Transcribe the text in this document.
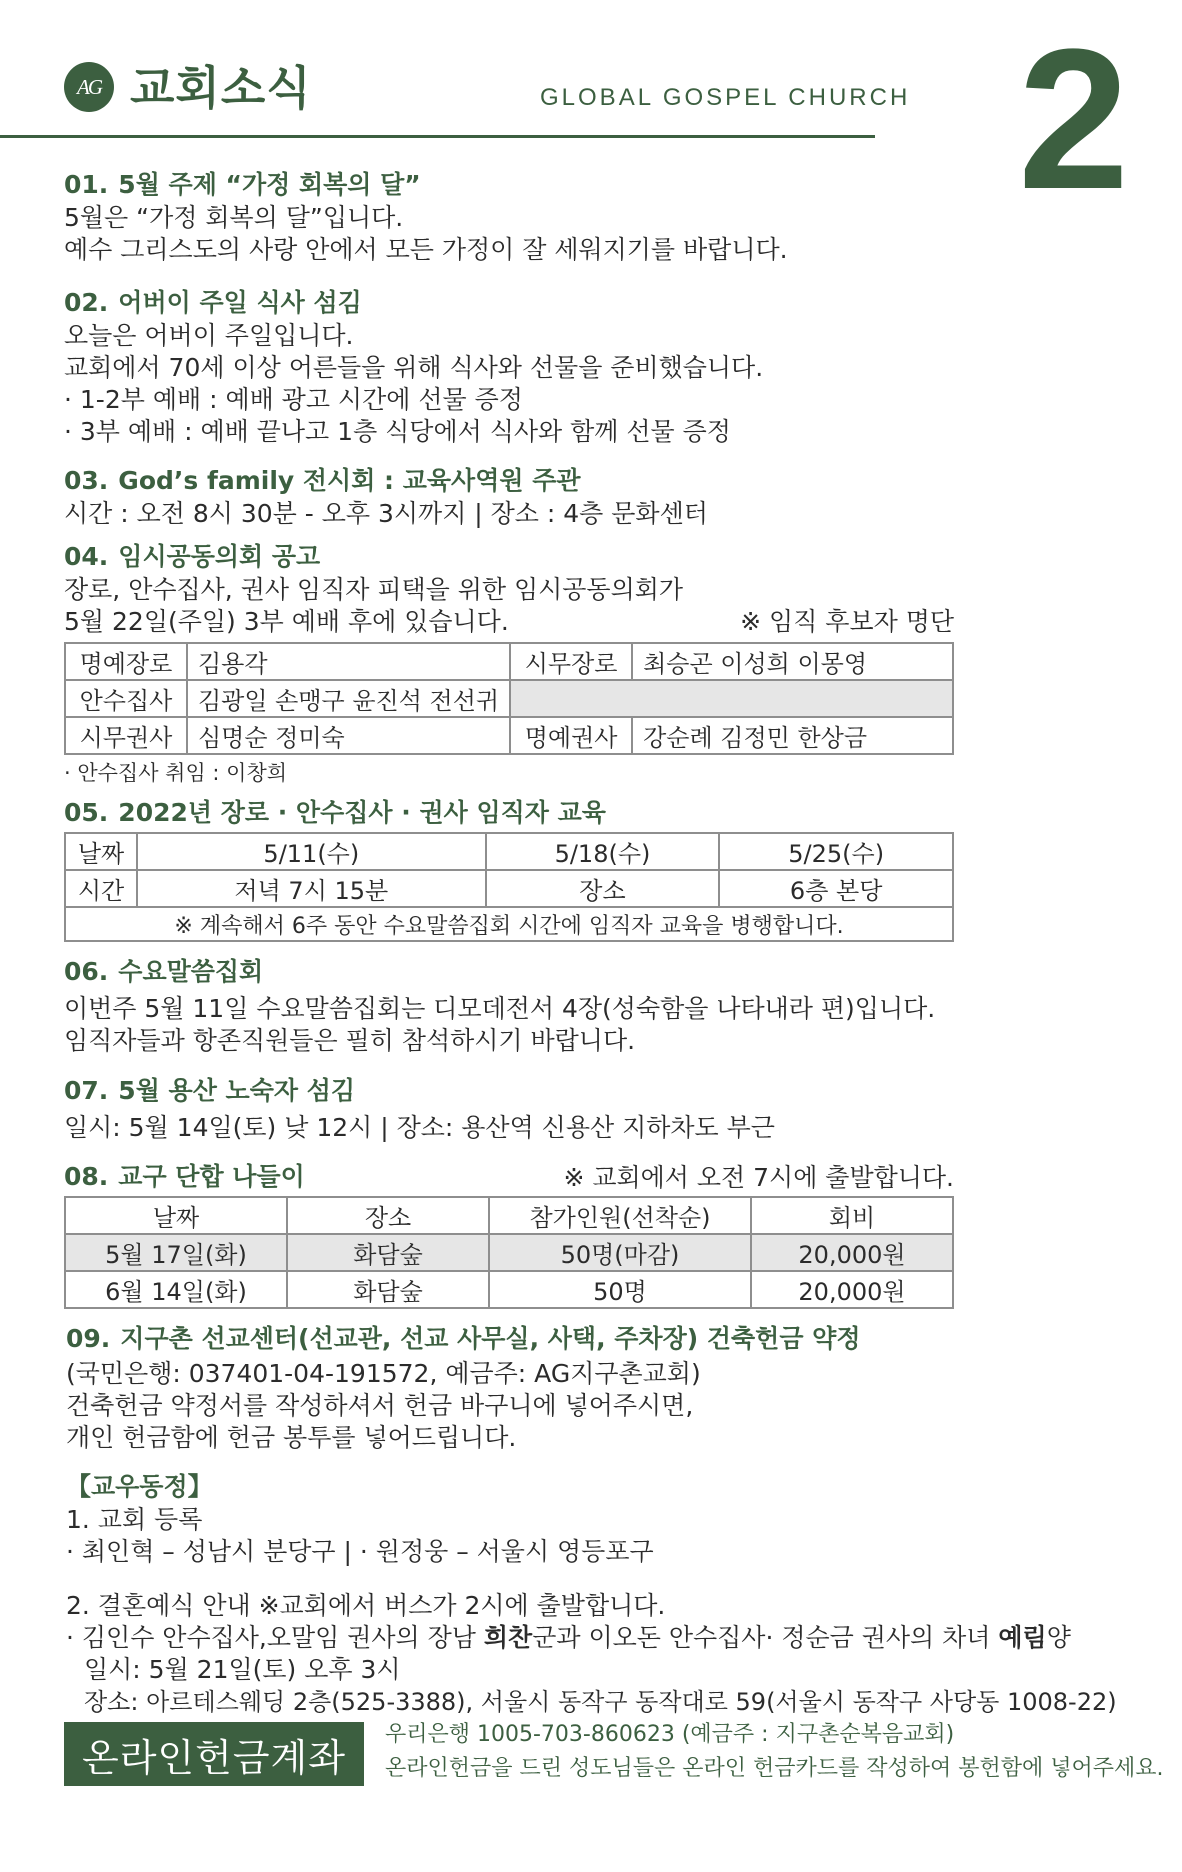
AG 교회소식	GLOBAL GOSPEL CHURCH 2
01. 5월 주제 “가정 회복의 달”
5월은 “가정 회복의 달”입니다.
예수 그리스도의 사랑 안에서 모든 가정이 잘 세워지기를 바랍니다.
02. 어버이 주일 식사 섬김
오늘은 어버이 주일입니다.
교회에서 70세 이상 어른들을 위해 식사와 선물을 준비했습니다.
· 1-2부 예배 : 예배 광고 시간에 선물 증정
· 3부 예배 : 예배 끝나고 1층 식당에서 식사와 함께 선물 증정
03. God’s family 전시회 : 교육사역원 주관
시간 : 오전 8시 30분 - 오후 3시까지 | 장소 : 4층 문화센터
04. 임시공동의회 공고
장로, 안수집사, 권사 임직자 피택을 위한 임시공동의회가
5월 22일(주일) 3부 예배 후에 있습니다.	※ 임직 후보자 명단
명예장로	김용각	시무장로	최승곤 이성희 이몽영
안수집사	김광일 손맹구 윤진석 전선귀		
시무권사	심명순 정미숙	명예권사	강순례 김정민 한상금
· 안수집사 취임 : 이창희
05. 2022년 장로 · 안수집사 · 권사 임직자 교육
날짜	5/11(수)	5/18(수)	5/25(수)
시간	저녁 7시 15분	장소	6층 본당
※ 계속해서 6주 동안 수요말씀집회 시간에 임직자 교육을 병행합니다.			
06. 수요말씀집회
이번주 5월 11일 수요말씀집회는 디모데전서 4장(성숙함을 나타내라 편)입니다.
임직자들과 항존직원들은 필히 참석하시기 바랍니다.
07. 5월 용산 노숙자 섬김
일시: 5월 14일(토) 낮 12시 | 장소: 용산역 신용산 지하차도 부근
08. 교구 단합 나들이	※ 교회에서 오전 7시에 출발합니다.
날짜	장소	참가인원(선착순)	회비
5월 17일(화)	화담숲	50명(마감)	20,000원
6월 14일(화)	화담숲	50명	20,000원
09. 지구촌 선교센터(선교관, 선교 사무실, 사택, 주차장) 건축헌금 약정
(국민은행: 037401-04-191572, 예금주: AG지구촌교회)
건축헌금 약정서를 작성하셔서 헌금 바구니에 넣어주시면,
개인 헌금함에 헌금 봉투를 넣어드립니다.
【교우동정】
1. 교회 등록
· 최인혁 – 성남시 분당구 | · 원정웅 – 서울시 영등포구
2. 결혼예식 안내 ※교회에서 버스가 2시에 출발합니다.
· 김인수 안수집사,오말임 권사의 장남 희찬군과 이오돈 안수집사· 정순금 권사의 차녀 예림양
일시: 5월 21일(토) 오후 3시
장소: 아르테스웨딩 2층(525-3388), 서울시 동작구 동작대로 59(서울시 동작구 사당동 1008-22)
온라인헌금계좌
우리은행 1005-703-860623 (예금주 : 지구촌순복음교회)
온라인헌금을 드린 성도님들은 온라인 헌금카드를 작성하여 봉헌함에 넣어주세요.
